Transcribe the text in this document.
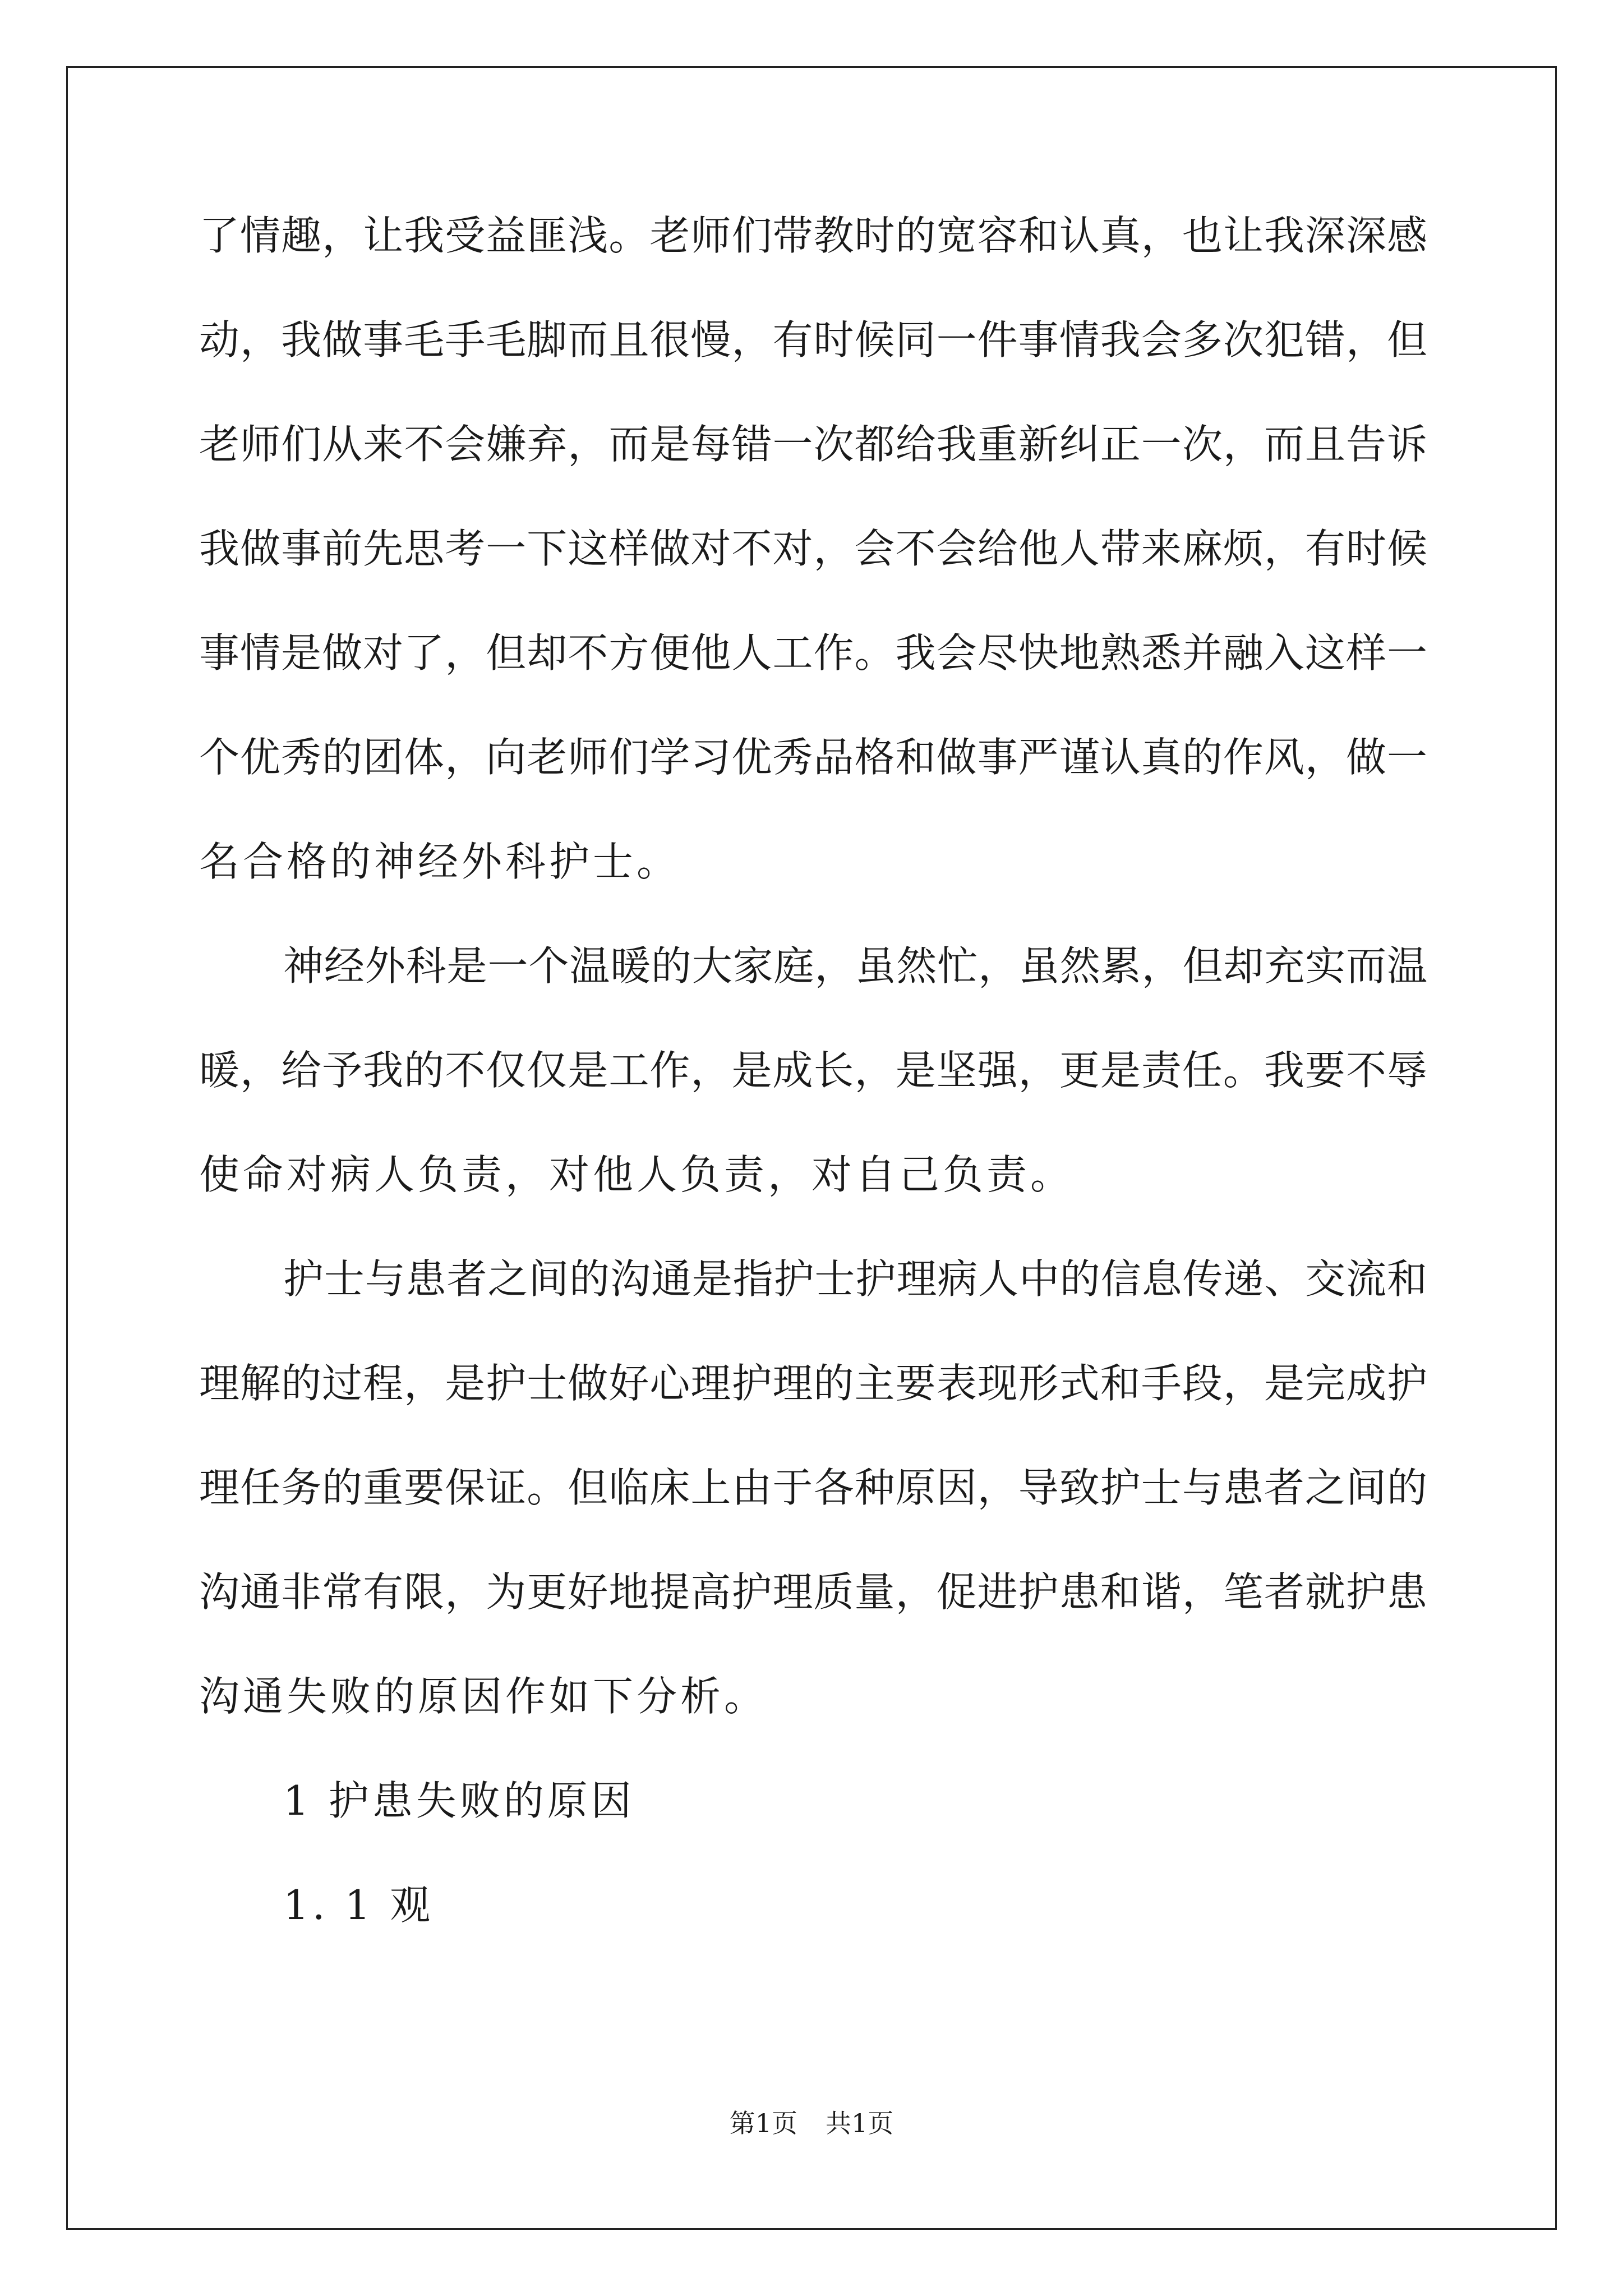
了情趣，让我受益匪浅。老师们带教时的宽容和认真，也让我深深感
动，我做事毛手毛脚而且很慢，有时候同一件事情我会多次犯错，但
老师们从来不会嫌弃，而是每错一次都给我重新纠正一次，而且告诉
我做事前先思考一下这样做对不对，会不会给他人带来麻烦，有时候
事情是做对了，但却不方便他人工作。我会尽快地熟悉并融入这样一
个优秀的团体，向老师们学习优秀品格和做事严谨认真的作风，做一
名合格的神经外科护士。
神经外科是一个温暖的大家庭，虽然忙，虽然累，但却充实而温
暖，给予我的不仅仅是工作，是成长，是坚强，更是责任。我要不辱
使命对病人负责，对他人负责，对自己负责。
护士与患者之间的沟通是指护士护理病人中的信息传递、交流和
理解的过程，是护士做好心理护理的主要表现形式和手段，是完成护
理任务的重要保证。但临床上由于各种原因，导致护士与患者之间的
沟通非常有限，为更好地提高护理质量，促进护患和谐，笔者就护患
沟通失败的原因作如下分析。
1 护患失败的原因
1. 1 观
第1页 共1页
